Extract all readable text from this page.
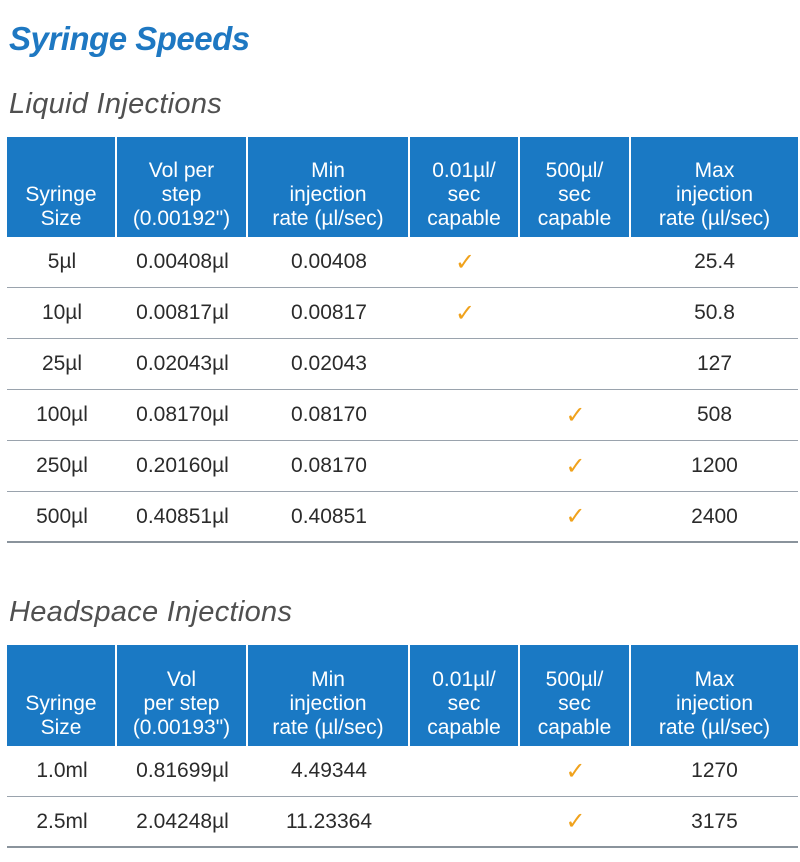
Syringe Speeds
Liquid Injections
Syringe
Size	Vol per
step
(0.00192")	Min
injection
rate (µl/sec)	0.01µl/
sec
capable	500µl/
sec
capable	Max
injection
rate (µl/sec)

5µl	0.00408µl	0.00408	✓		25.4
10µl	0.00817µl	0.00817	✓		50.8
25µl	0.02043µl	0.02043			127
100µl	0.08170µl	0.08170		✓	508
250µl	0.20160µl	0.08170		✓	1200
500µl	0.40851µl	0.40851		✓	2400
Headspace Injections
Syringe
Size	Vol
per step
(0.00193")	Min
injection
rate (µl/sec)	0.01µl/
sec
capable	500µl/
sec
capable	Max
injection
rate (µl/sec)

1.0ml	0.81699µl	4.49344		✓	1270
2.5ml	2.04248µl	11.23364		✓	3175
